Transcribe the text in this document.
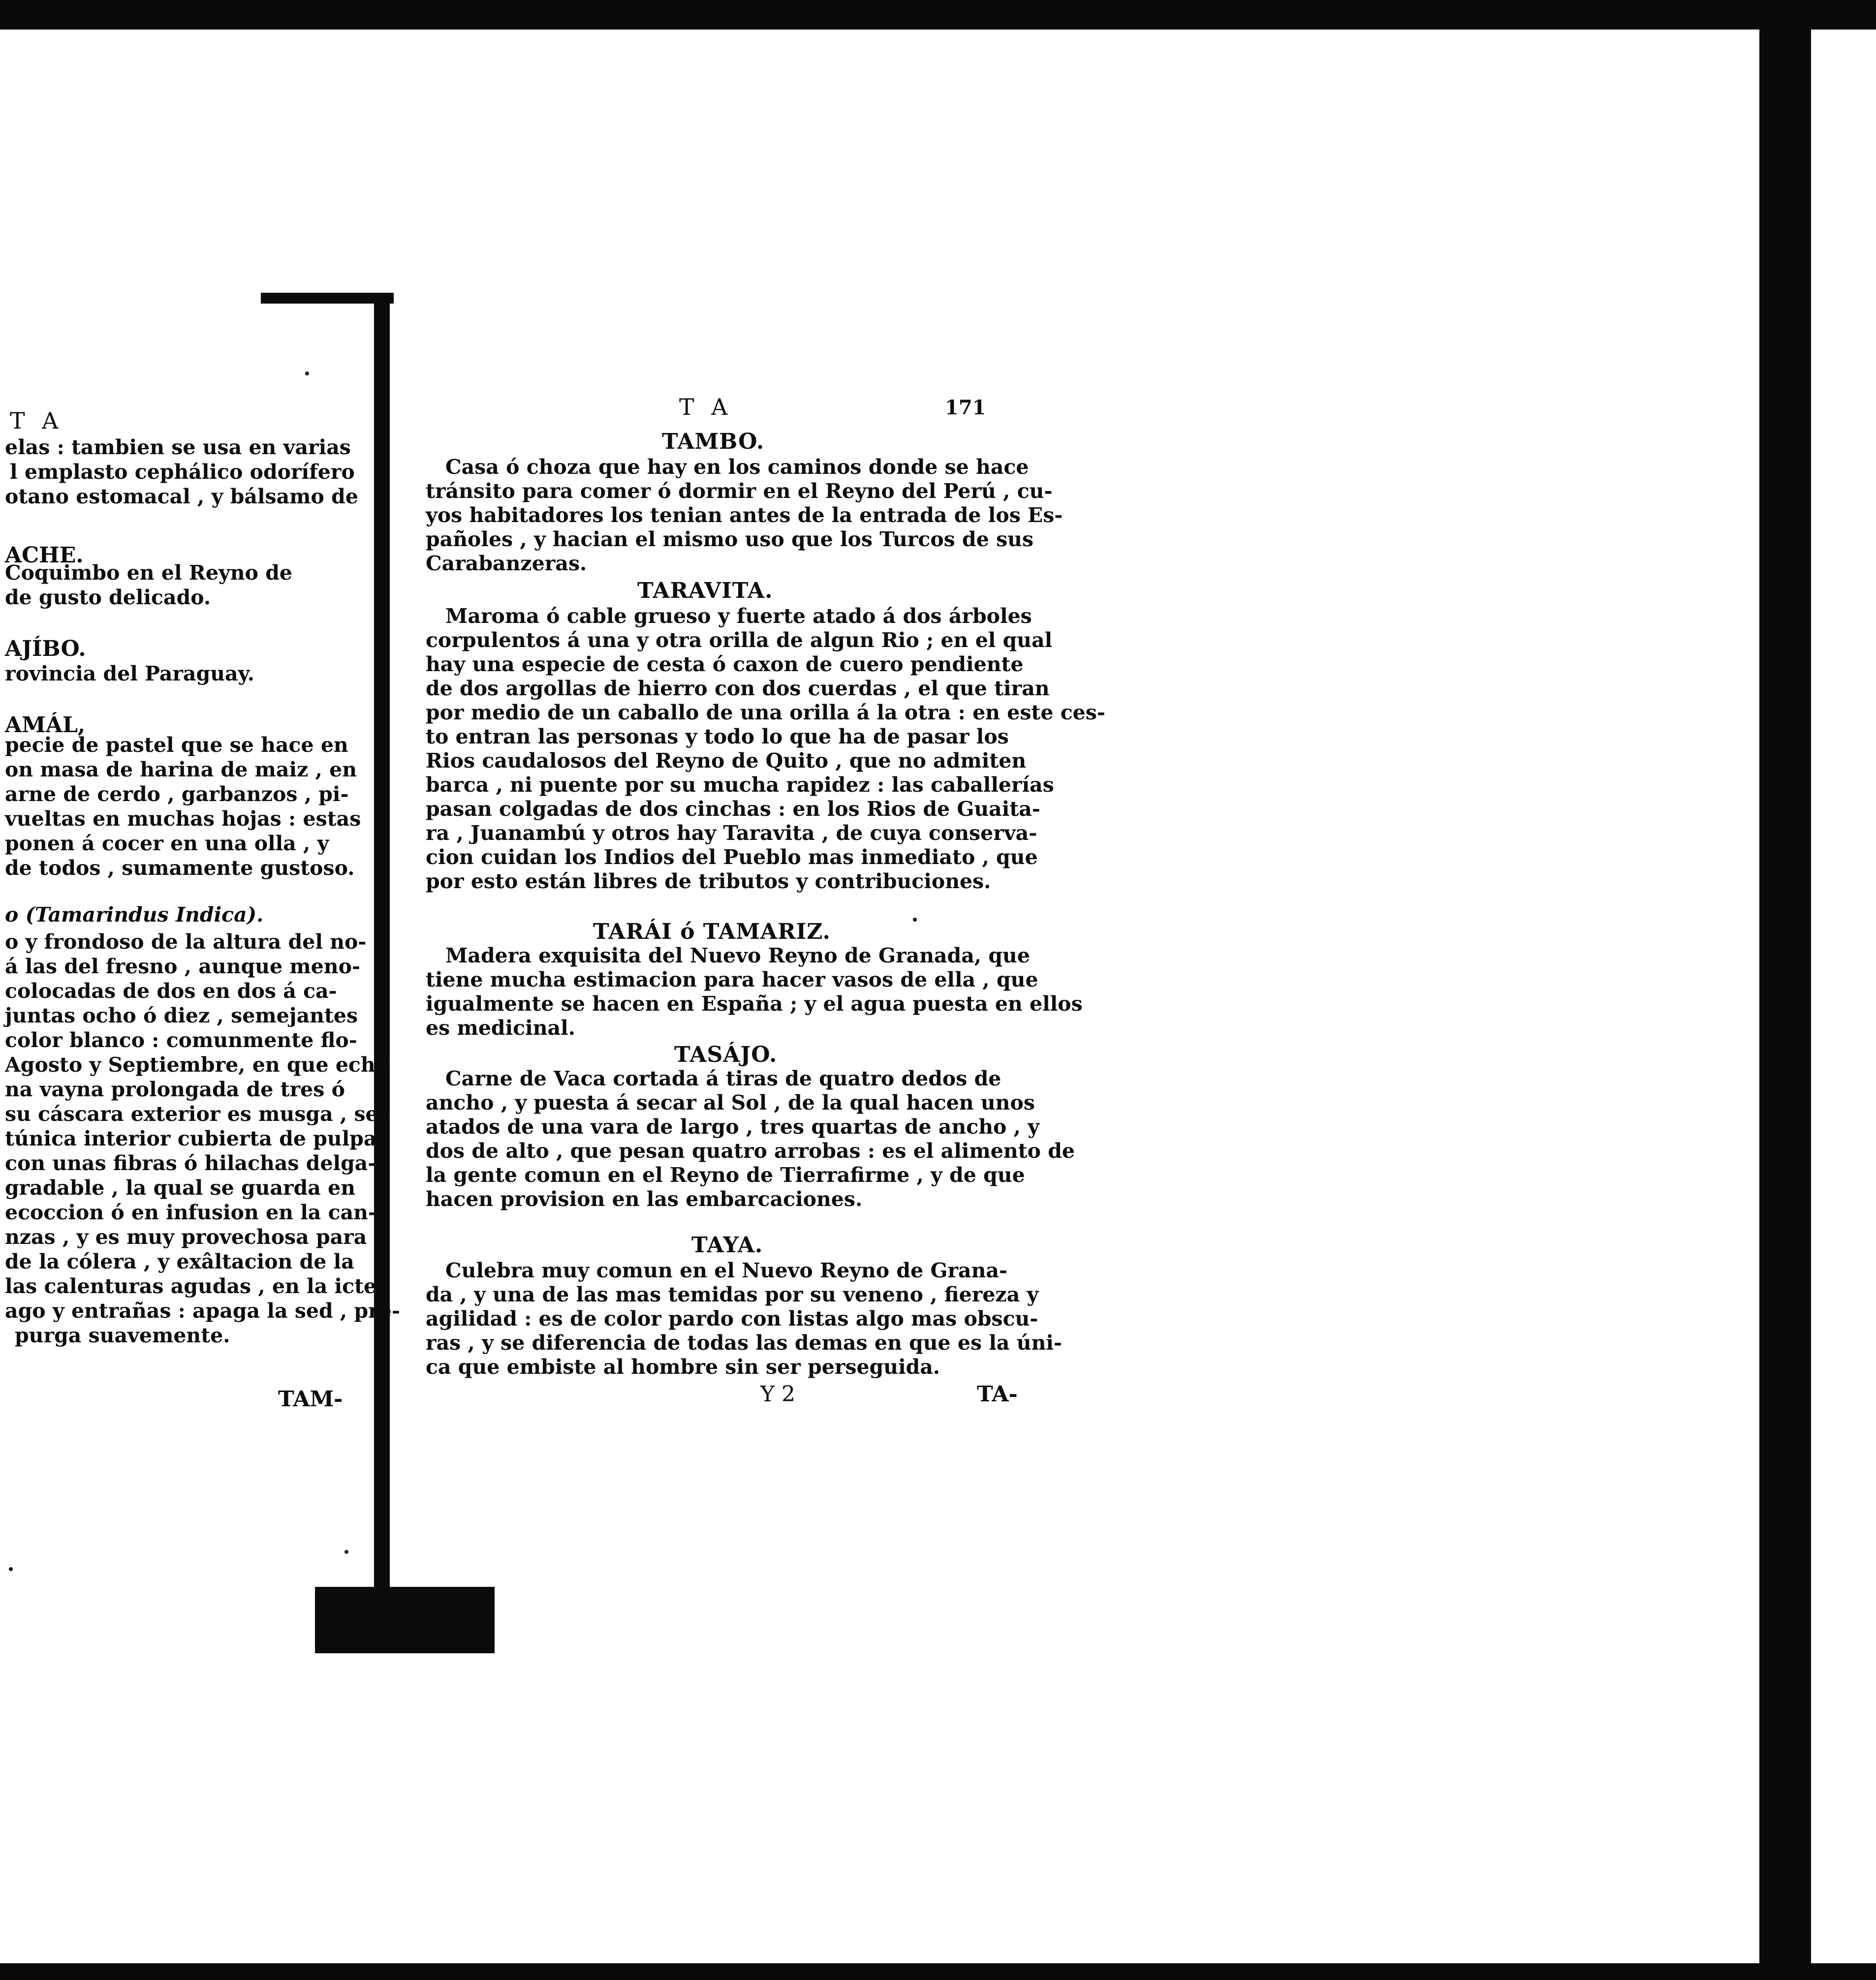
T A
elas : tambien se usa en varias
l emplasto cephálico odorífero
otano estomacal , y bálsamo de
ACHE.
Coquimbo en el Reyno de
de gusto delicado.
AJÍBO.
rovincia del Paraguay.
AMÁL,
pecie de pastel que se hace en
on masa de harina de maiz , en
arne de cerdo , garbanzos , pi-
vueltas en muchas hojas : estas
ponen á cocer en una olla , y
de todos , sumamente gustoso.
o (Tamarindus Indica).
o y frondoso de la altura del no-
á las del fresno , aunque meno-
colocadas de dos en dos á ca-
juntas ocho ó diez , semejantes
color blanco : comunmente flo-
Agosto y Septiembre, en que echa
na vayna prolongada de tres ó
su cáscara exterior es musga , se-
túnica interior cubierta de pulpa
con unas fibras ó hilachas delga-
gradable , la qual se guarda en
ecoccion ó en infusion en la can-
nzas , y es muy provechosa para
de la cólera , y exâltacion de la
las calenturas agudas , en la icte-
ago y entrañas : apaga la sed , pre-
purga suavemente.
TAM-
T A	171
TAMBO.
Casa ó choza que hay en los caminos donde se hace
tránsito para comer ó dormir en el Reyno del Perú , cu-
yos habitadores los tenian antes de la entrada de los Es-
pañoles , y hacian el mismo uso que los Turcos de sus
Carabanzeras.
TARAVITA.
Maroma ó cable grueso y fuerte atado á dos árboles
corpulentos á una y otra orilla de algun Rio ; en el qual
hay una especie de cesta ó caxon de cuero pendiente
de dos argollas de hierro con dos cuerdas , el que tiran
por medio de un caballo de una orilla á la otra : en este ces-
to entran las personas y todo lo que ha de pasar los
Rios caudalosos del Reyno de Quito , que no admiten
barca , ni puente por su mucha rapidez : las caballerías
pasan colgadas de dos cinchas : en los Rios de Guaita-
ra , Juanambú y otros hay Taravita , de cuya conserva-
cion cuidan los Indios del Pueblo mas inmediato , que
por esto están libres de tributos y contribuciones.
TARÁI ó TAMARIZ.
Madera exquisita del Nuevo Reyno de Granada, que
tiene mucha estimacion para hacer vasos de ella , que
igualmente se hacen en España ; y el agua puesta en ellos
es medicinal.
TASÁJO.
Carne de Vaca cortada á tiras de quatro dedos de
ancho , y puesta á secar al Sol , de la qual hacen unos
atados de una vara de largo , tres quartas de ancho , y
dos de alto , que pesan quatro arrobas : es el alimento de
la gente comun en el Reyno de Tierrafirme , y de que
hacen provision en las embarcaciones.
TAYA.
Culebra muy comun en el Nuevo Reyno de Grana-
da , y una de las mas temidas por su veneno , fiereza y
agilidad : es de color pardo con listas algo mas obscu-
ras , y se diferencia de todas las demas en que es la úni-
ca que embiste al hombre sin ser perseguida.
Y 2	TA-
